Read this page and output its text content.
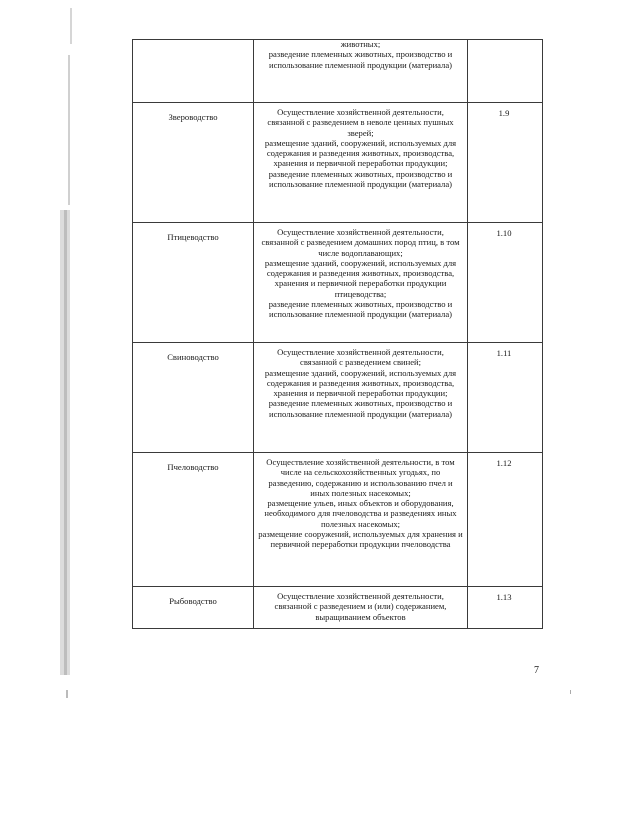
	животных;
разведение племенных животных, производство и использование племенной продукции (материала)	

Звероводство	Осуществление хозяйственной деятельности, связанной с разведением в неволе ценных пушных зверей;
размещение зданий, сооружений, используемых для содержания и разведения животных, производства, хранения и первичной переработки продукции;
разведение племенных животных, производство и использование племенной продукции (материала)	1.9
Птицеводство	Осуществление хозяйственной деятельности, связанной с разведением домашних пород птиц, в том числе водоплавающих;
размещение зданий, сооружений, используемых для содержания и разведения животных, производства, хранения и первичной переработки продукции птицеводства;
разведение племенных животных, производство и использование племенной продукции (материала)	1.10
Свиноводство	Осуществление хозяйственной деятельности, связанной с разведением свиней;
размещение зданий, сооружений, используемых для содержания и разведения животных, производства, хранения и первичной переработки продукции;
разведение племенных животных, производство и использование племенной продукции (материала)	1.11
Пчеловодство	Осуществление хозяйственной деятельности, в том числе на сельскохозяйственных угодьях, по разведению, содержанию и использованию пчел и иных полезных насекомых;
размещение ульев, иных объектов и оборудования, необходимого для пчеловодства и разведениях иных полезных насекомых;
размещение сооружений, используемых для хранения и первичной переработки продукции пчеловодства	1.12
Рыбоводство	Осуществление хозяйственной деятельности, связанной с разведением и (или) содержанием, выращиванием объектов	1.13
7
